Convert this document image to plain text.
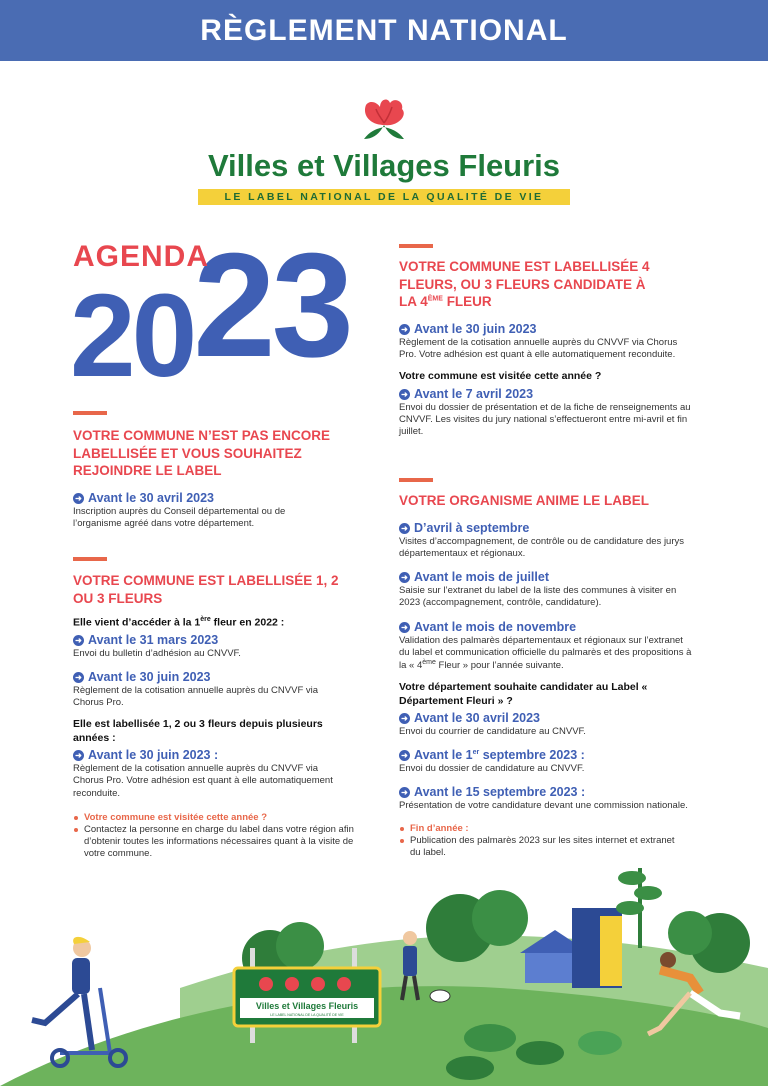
RÈGLEMENT NATIONAL
Villes et Villages Fleuris
LE LABEL NATIONAL DE LA QUALITÉ DE VIE
2023
AGENDA
VOTRE COMMUNE N’EST PAS ENCORE LABELLISÉE ET VOUS SOUHAITEZ REJOINDRE LE LABEL
➜ Avant le 30 avril 2023

Inscription auprès du Conseil départemental ou de l’organisme agréé dans votre département.

VOTRE COMMUNE EST LABELLISÉE 1, 2 OU 3 FLEURS
Elle vient d’accéder à la 1ère fleur en 2022 :
➜ Avant le 31 mars 2023

Envoi du bulletin d’adhésion au CNVVF.

➜ Avant le 30 juin 2023

Règlement de la cotisation annuelle auprès du CNVVF via Chorus Pro.

Elle est labellisée 1, 2 ou 3 fleurs depuis plusieurs années :
➜ Avant le 30 juin 2023 :

Règlement de la cotisation annuelle auprès du CNVVF via Chorus Pro. Votre adhésion est quant à elle automatiquement reconduite.

Votre commune est visitée cette année ?
Contactez la personne en charge du label dans votre région afin d’obtenir toutes les informations nécessaires quant à la visite de votre commune.
VOTRE COMMUNE EST LABELLISÉE 4 FLEURS, OU 3 FLEURS CANDIDATE À LA 4ÈME FLEUR
➜ Avant le 30 juin 2023

Règlement de la cotisation annuelle auprès du CNVVF via Chorus Pro. Votre adhésion est quant à elle automatiquement reconduite.

Votre commune est visitée cette année ?
➜ Avant le 7 avril 2023

Envoi du dossier de présentation et de la fiche de renseignements au CNVVF. Les visites du jury national s’effectueront entre mi-avril et fin juillet.

VOTRE ORGANISME ANIME LE LABEL
➜ D’avril à septembre

Visites d’accompagnement, de contrôle ou de candidature des jurys départementaux et régionaux.

➜ Avant le mois de juillet

Saisie sur l’extranet du label de la liste des communes à visiter en 2023 (accompagnement, contrôle, candidature).

➜ Avant le mois de novembre

Validation des palmarès départementaux et régionaux sur l’extranet du label et communication officielle du palmarès et des propositions à la « 4ème Fleur » pour l’année suivante.

Votre département souhaite candidater au Label « Département Fleuri » ?
➜ Avant le 30 avril 2023

Envoi du courrier de candidature au CNVVF.

➜ Avant le 1er septembre 2023 :

Envoi du dossier de candidature au CNVVF.

➜ Avant le 15 septembre 2023 :

Présentation de votre candidature devant une commission nationale.

Fin d’année :
Publication des palmarès 2023 sur les sites internet et extranet du label.
Villes et Villages Fleuris
LE LABEL NATIONAL DE LA QUALITÉ DE VIE
